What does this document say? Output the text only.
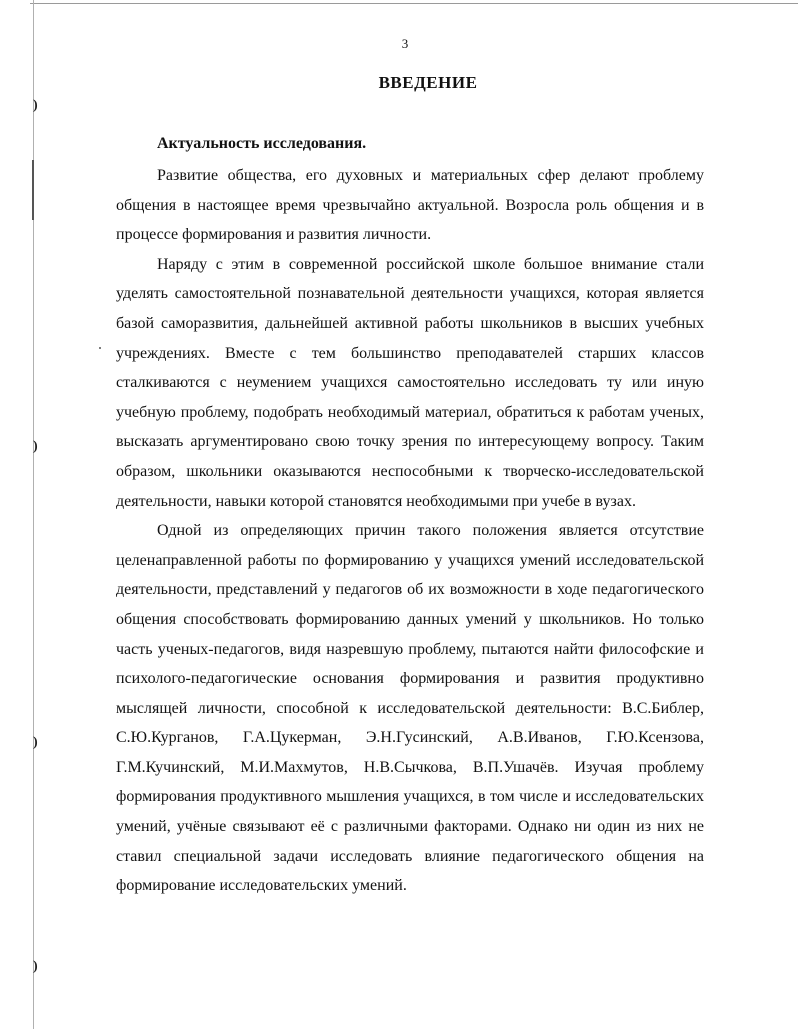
)
)
)
)
3
ВВЕДЕНИЕ
Актуальность исследования.

Развитие общества, его духовных и материальных сфер делают проблему общения в настоящее время чрезвычайно актуальной. Возросла роль общения и в процессе формирования и развития личности.

Наряду с этим в современной российской школе большое внимание стали уделять самостоятельной познавательной деятельности учащихся, которая является базой саморазвития, дальнейшей активной работы школьников в высших учебных учреждениях. Вместе с тем большинство преподавателей старших классов сталкиваются с неумением учащихся самостоятельно исследовать ту или иную учебную проблему, подобрать необходимый материал, обратиться к работам ученых, высказать аргументировано свою точку зрения по интересующему вопросу. Таким образом, школьники оказываются неспособными к творческо-исследовательской деятельности, навыки которой становятся необходимыми при учебе в вузах.

Одной из определяющих причин такого положения является отсутствие целенаправленной работы по формированию у учащихся умений исследовательской деятельности, представлений у педагогов об их возможности в ходе педагогического общения способствовать формированию данных умений у школьников. Но только часть ученых-педагогов, видя назревшую проблему, пытаются найти философские и психолого-педагогические основания формирования и развития продуктивно мыслящей личности, способной к исследовательской деятельности: В.С.Библер, С.Ю.Курганов, Г.А.Цукерман, Э.Н.Гусинский, А.В.Иванов, Г.Ю.Ксензова, Г.М.Кучинский, М.И.Махмутов, Н.В.Сычкова, В.П.Ушачёв. Изучая проблему формирования продуктивного мышления учащихся, в том числе и исследовательских умений, учёные связывают её с различными факторами. Однако ни один из них не ставил специальной задачи исследовать влияние педагогического общения на формирование исследовательских умений.
